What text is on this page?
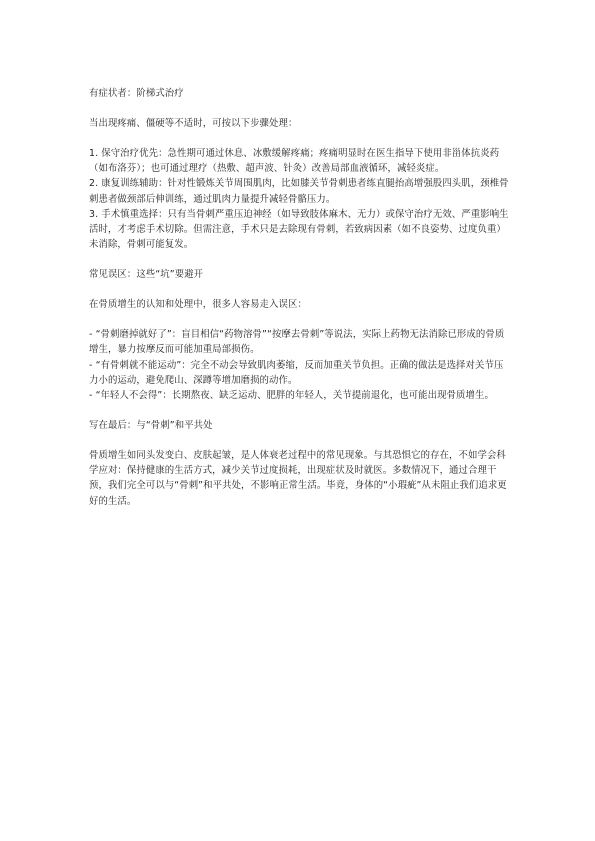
有症状者：阶梯式治疗

当出现疼痛、僵硬等不适时，可按以下步骤处理：

1. 保守治疗优先：急性期可通过休息、冰敷缓解疼痛；疼痛明显时在医生指导下使用非甾体抗炎药（如布洛芬）；也可通过理疗（热敷、超声波、针灸）改善局部血液循环，减轻炎症。

2. 康复训练辅助：针对性锻炼关节周围肌肉，比如膝关节骨刺患者练直腿抬高增强股四头肌，颈椎骨刺患者做颈部后伸训练，通过肌肉力量提升减轻骨骼压力。

3. 手术慎重选择：只有当骨刺严重压迫神经（如导致肢体麻木、无力）或保守治疗无效、严重影响生活时，才考虑手术切除。但需注意，手术只是去除现有骨刺，若致病因素（如不良姿势、过度负重）未消除，骨刺可能复发。

常见误区：这些“坑”要避开

在骨质增生的认知和处理中，很多人容易走入误区：

- “骨刺磨掉就好了”：盲目相信“药物溶骨”“按摩去骨刺”等说法，实际上药物无法消除已形成的骨质增生，暴力按摩反而可能加重局部损伤。

- “有骨刺就不能运动”：完全不动会导致肌肉萎缩，反而加重关节负担。正确的做法是选择对关节压力小的运动，避免爬山、深蹲等增加磨损的动作。

- “年轻人不会得”：长期熬夜、缺乏运动、肥胖的年轻人，关节提前退化，也可能出现骨质增生。

写在最后：与“骨刺”和平共处

骨质增生如同头发变白、皮肤起皱，是人体衰老过程中的常见现象。与其恐惧它的存在，不如学会科学应对：保持健康的生活方式，减少关节过度损耗，出现症状及时就医。多数情况下，通过合理干预，我们完全可以与“骨刺”和平共处，不影响正常生活。毕竟，身体的“小瑕疵”从未阻止我们追求更好的生活。
